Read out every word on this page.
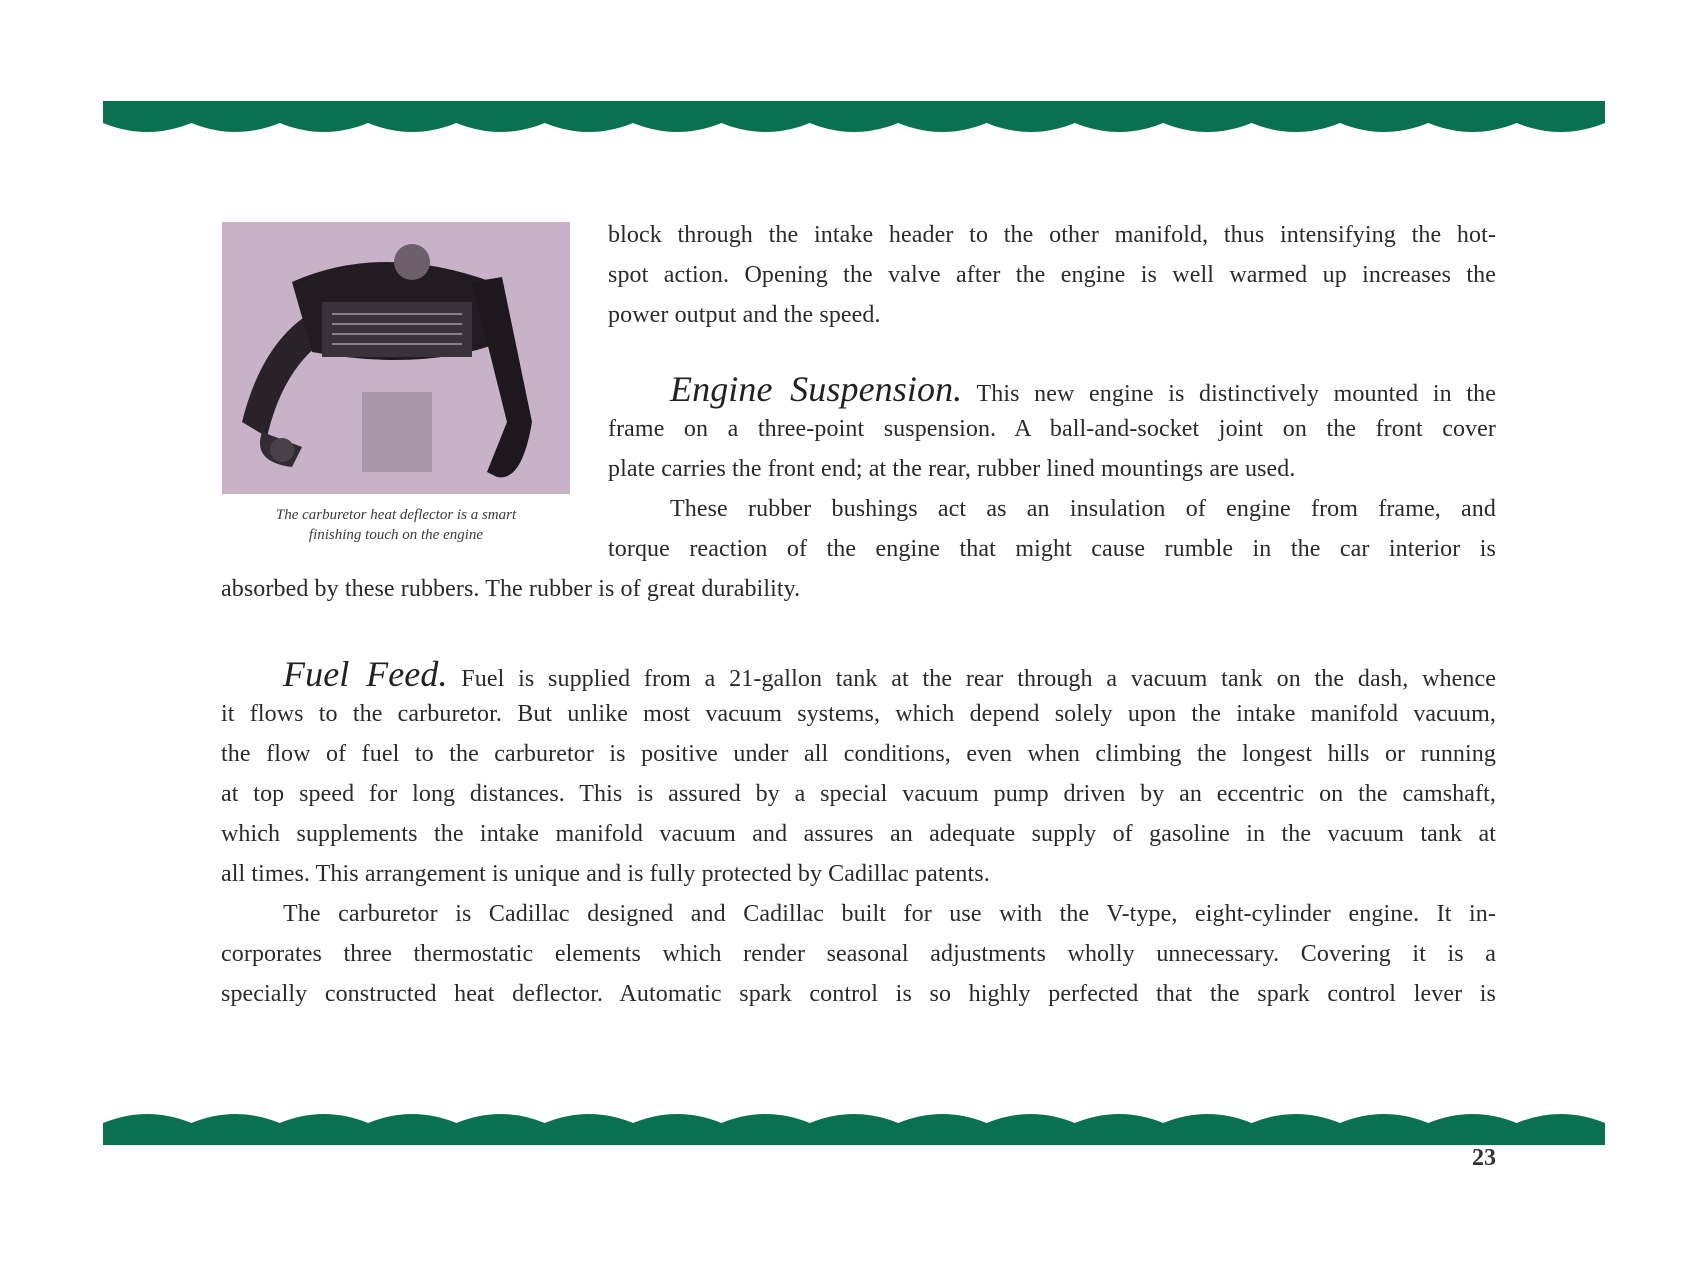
The carburetor heat deflector is a smart
finishing touch on the engine

block through the intake header to the other manifold, thus intensifying the hot-

spot action. Opening the valve after the engine is well warmed up increases the

power output and the speed.

Engine Suspension. This new engine is distinctively mounted in the

frame on a three-point suspension. A ball-and-socket joint on the front cover

plate carries the front end; at the rear, rubber lined mountings are used.

These rubber bushings act as an insulation of engine from frame, and

torque reaction of the engine that might cause rumble in the car interior is

absorbed by these rubbers. The rubber is of great durability.

Fuel Feed. Fuel is supplied from a 21-gallon tank at the rear through a vacuum tank on the dash, whence

it flows to the carburetor. But unlike most vacuum systems, which depend solely upon the intake manifold vacuum,

the flow of fuel to the carburetor is positive under all conditions, even when climbing the longest hills or running

at top speed for long distances. This is assured by a special vacuum pump driven by an eccentric on the camshaft,

which supplements the intake manifold vacuum and assures an adequate supply of gasoline in the vacuum tank at

all times. This arrangement is unique and is fully protected by Cadillac patents.

The carburetor is Cadillac designed and Cadillac built for use with the V-type, eight-cylinder engine. It in-

corporates three thermostatic elements which render seasonal adjustments wholly unnecessary. Covering it is a

specially constructed heat deflector. Automatic spark control is so highly perfected that the spark control lever is

23
